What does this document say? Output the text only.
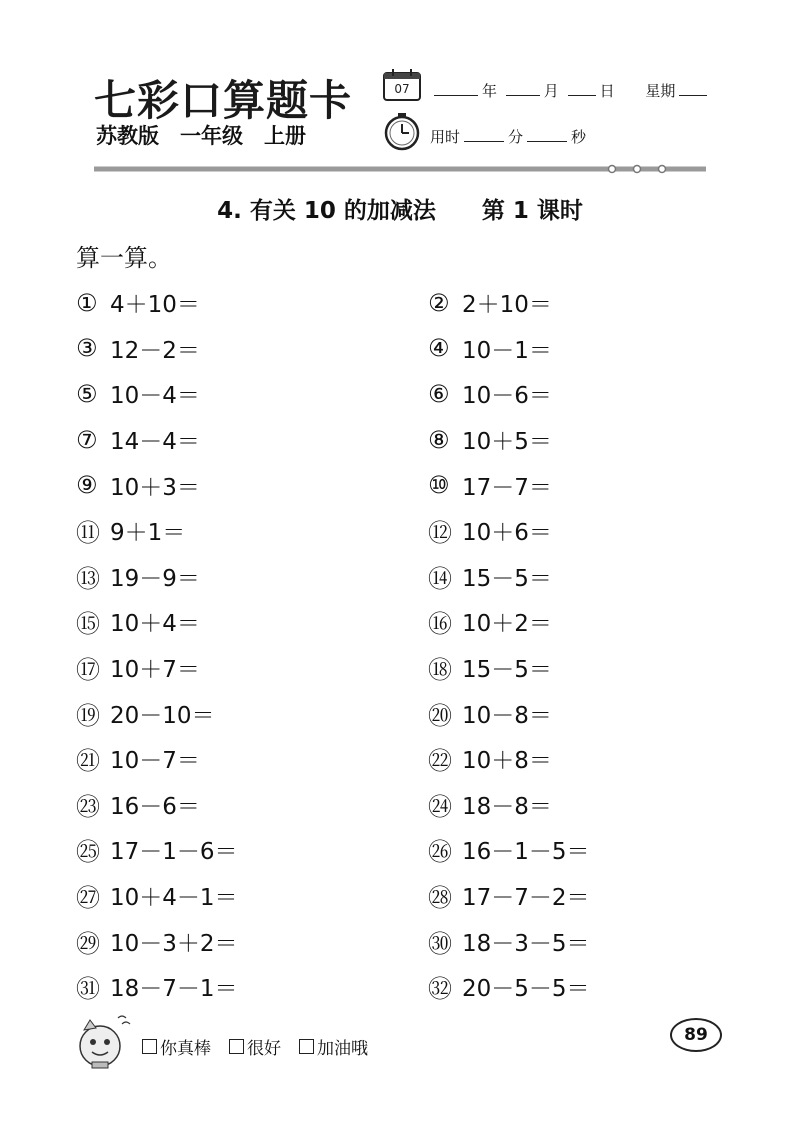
七彩口算题卡
苏教版　一年级　上册
07	年	月	日 星期
用时	分	秒
4. 有关 10 的加减法　　第 1 课时
算一算。
① 4＋10＝	② 2＋10＝
③ 12－2＝	④ 10－1＝
⑤ 10－4＝	⑥ 10－6＝
⑦ 14－4＝	⑧ 10＋5＝
⑨ 10＋3＝	⑩ 17－7＝
⑪ 9＋1＝	⑫ 10＋6＝
⑬ 19－9＝	⑭ 15－5＝
⑮ 10＋4＝	⑯ 10＋2＝
⑰ 10＋7＝	⑱ 15－5＝
⑲ 20－10＝	⑳ 10－8＝
㉑ 10－7＝	㉒ 10＋8＝
㉓ 16－6＝	㉔ 18－8＝
㉕ 17－1－6＝	㉖ 16－1－5＝
㉗ 10＋4－1＝	㉘ 17－7－2＝
㉙ 10－3＋2＝	㉚ 18－3－5＝
㉛ 18－7－1＝	㉜ 20－5－5＝
你真棒 很好 加油哦
89
